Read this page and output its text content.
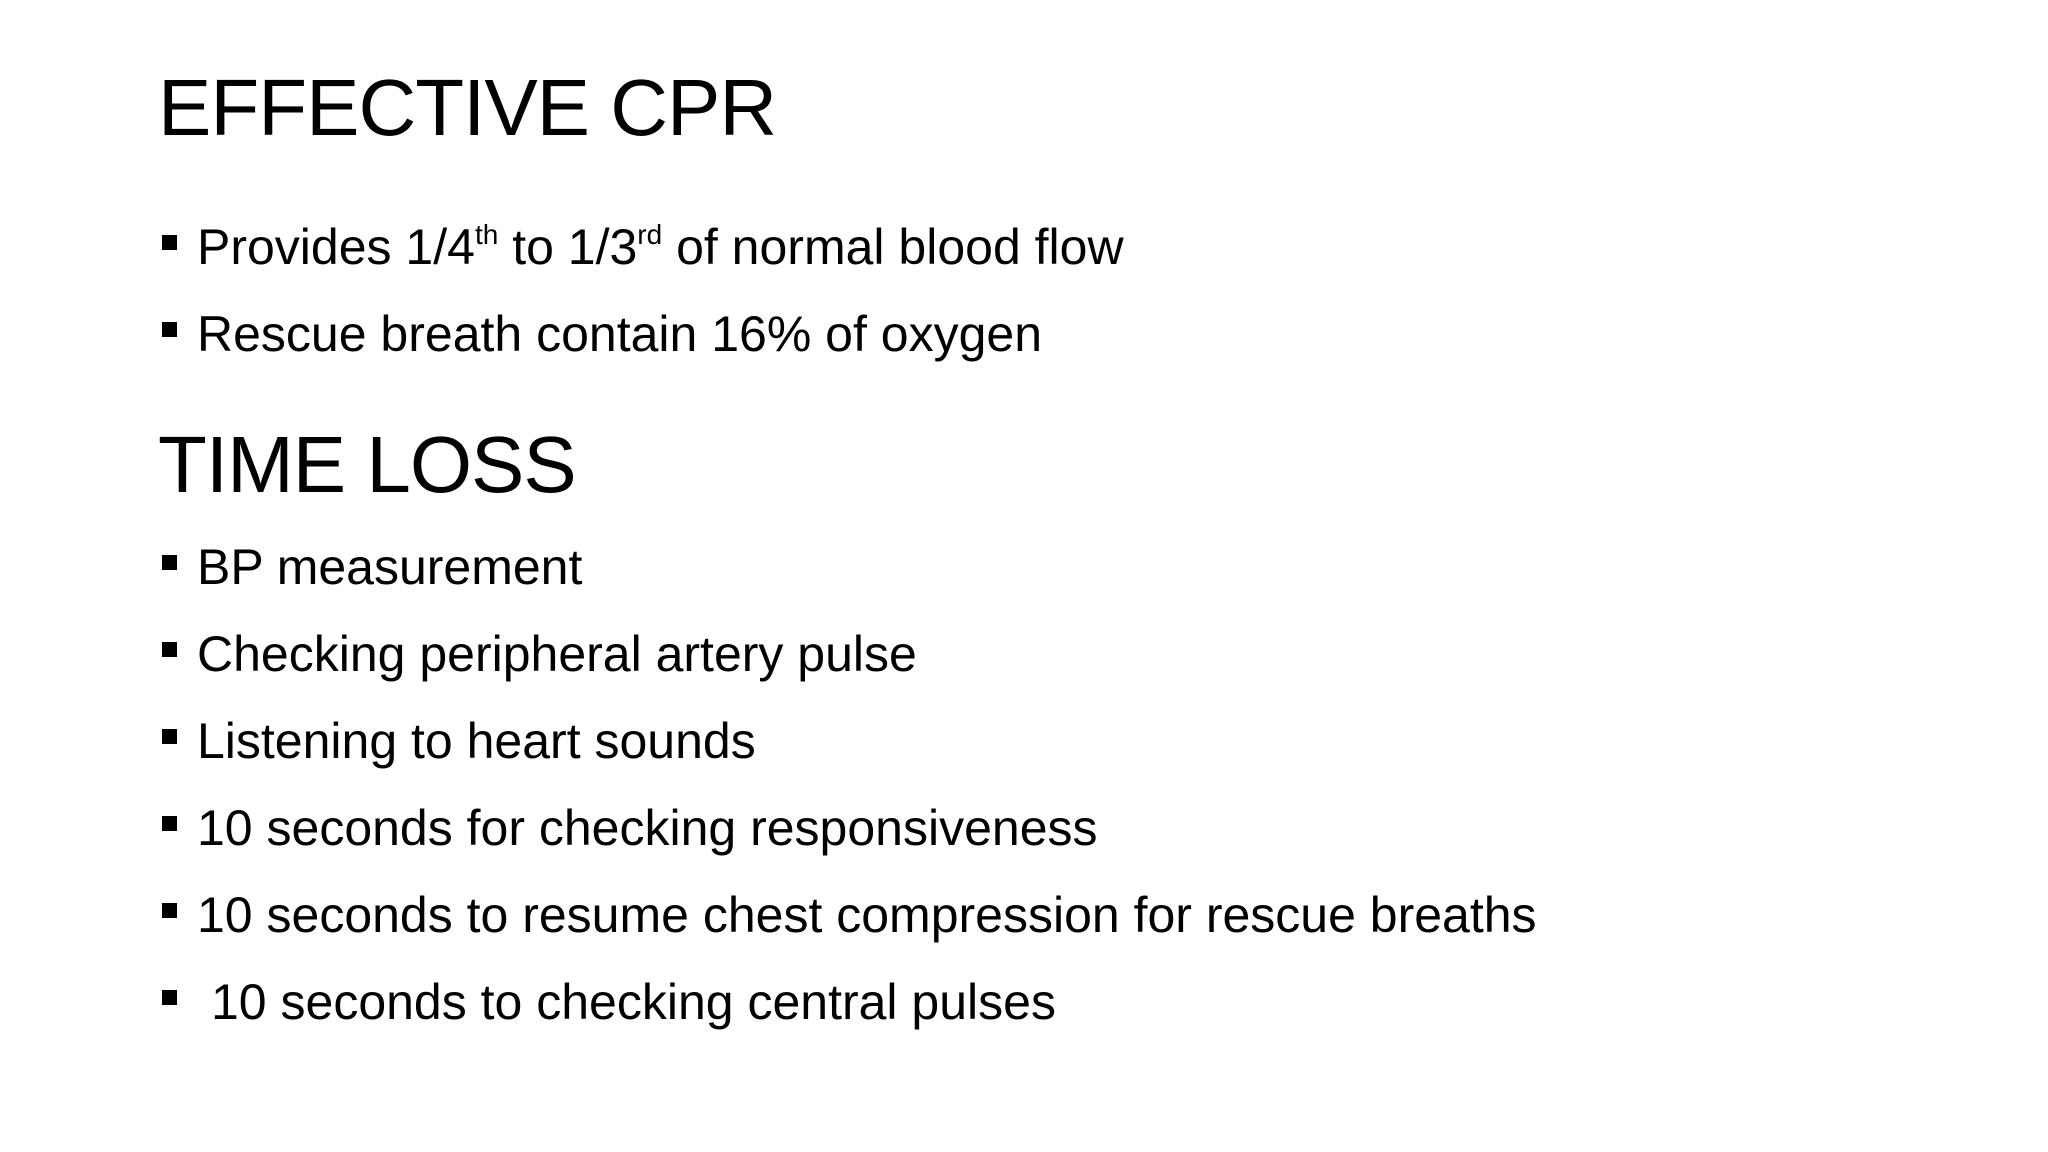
EFFECTIVE CPR
Provides 1/4th to 1/3rd of normal blood flow
Rescue breath contain 16% of oxygen
TIME LOSS
BP measurement
Checking peripheral artery pulse
Listening to heart sounds
10 seconds for checking responsiveness
10 seconds to resume chest compression for rescue breaths
10 seconds to checking central pulses
